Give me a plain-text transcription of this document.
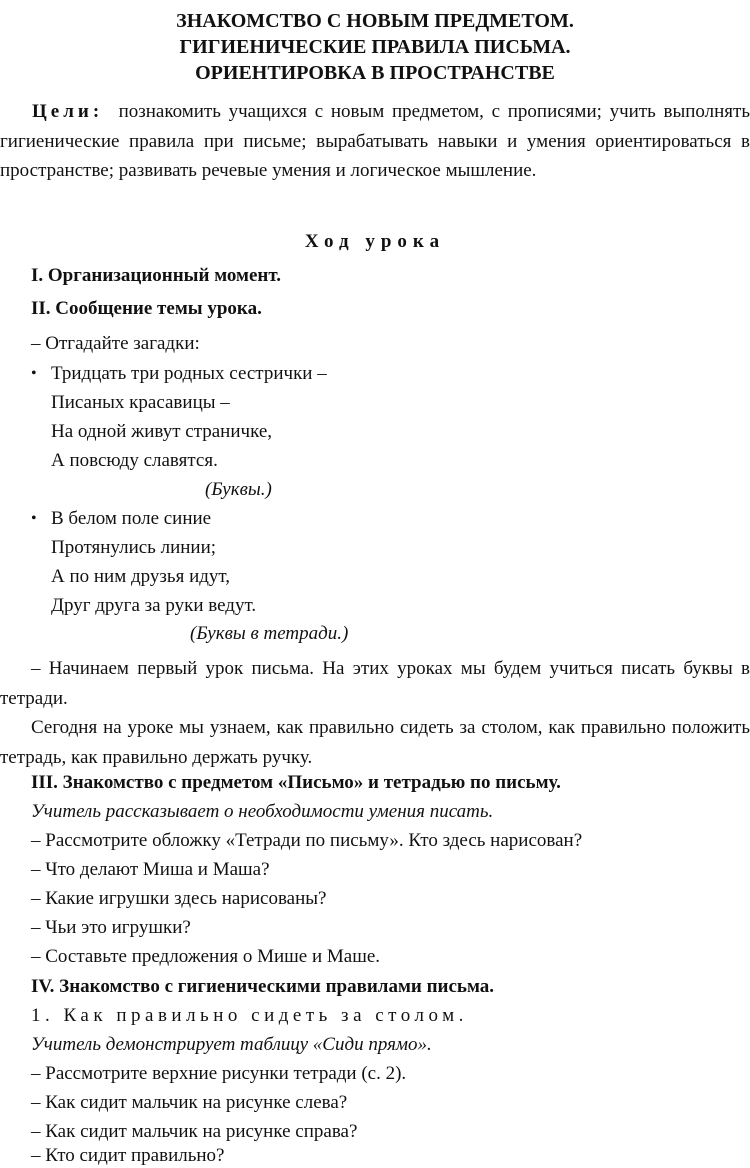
ЗНАКОМСТВО С НОВЫМ ПРЕДМЕТОМ.

ГИГИЕНИЧЕСКИЕ ПРАВИЛА ПИСЬМА.

ОРИЕНТИРОВКА В ПРОСТРАНСТВЕ

Цели: познакомить учащихся с новым предметом, с прописями; учить выполнять гигиенические правила при письме; вырабатывать навыки и умения ориентироваться в пространстве; развивать речевые умения и логическое мышление.

Ход урока

I. Организационный момент.

II. Сообщение темы урока.

– Отгадайте загадки:

• Тридцать три родных сестрички –

Писаных красавицы –

На одной живут страничке,

А повсюду славятся.

(Буквы.)

• В белом поле синие

Протянулись линии;

А по ним друзья идут,

Друг друга за руки ведут.

(Буквы в тетради.)

– Начинаем первый урок письма. На этих уроках мы будем учиться писать буквы в тетради.
Сегодня на уроке мы узнаем, как правильно сидеть за столом, как правильно положить тетрадь, как правильно держать ручку.

III. Знакомство с предметом «Письмо» и тетрадью по письму.

Учитель рассказывает о необходимости умения писать.

– Рассмотрите обложку «Тетради по письму». Кто здесь нарисован?

– Что делают Миша и Маша?

– Какие игрушки здесь нарисованы?

– Чьи это игрушки?

– Составьте предложения о Мише и Маше.

IV. Знакомство с гигиеническими правилами письма.

1. Как правильно сидеть за столом.

Учитель демонстрирует таблицу «Сиди прямо».

– Рассмотрите верхние рисунки тетради (с. 2).

– Как сидит мальчик на рисунке слева?

– Как сидит мальчик на рисунке справа?

– Кто сидит правильно?
